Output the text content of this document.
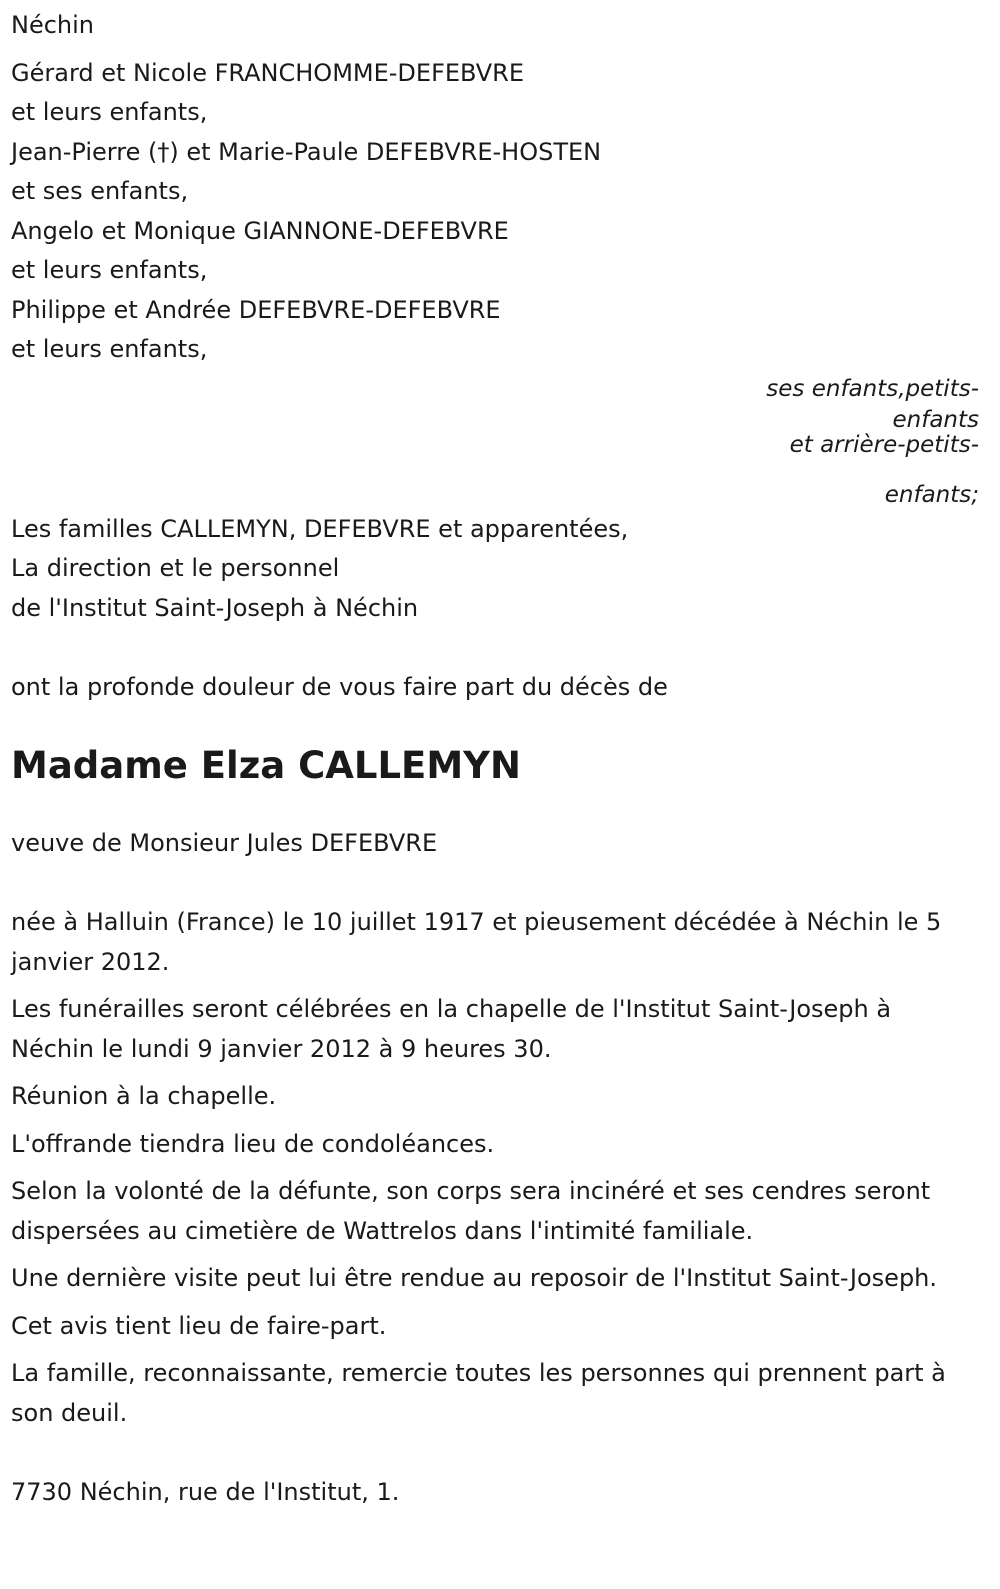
Néchin
Gérard et Nicole FRANCHOMME-DEFEBVRE
et leurs enfants,
Jean-Pierre (†) et Marie-Paule DEFEBVRE-HOSTEN
et ses enfants,
Angelo et Monique GIANNONE-DEFEBVRE
et leurs enfants,
Philippe et Andrée DEFEBVRE-DEFEBVRE
et leurs enfants,
ses enfants,petits-
enfants
et arrière-petits-
enfants;
Les familles CALLEMYN, DEFEBVRE et apparentées,
La direction et le personnel
de l'Institut Saint-Joseph à Néchin
ont la profonde douleur de vous faire part du décès de
Madame Elza CALLEMYN
veuve de Monsieur Jules DEFEBVRE
née à Halluin (France) le 10 juillet 1917 et pieusement décédée à Néchin le 5 janvier 2012.
Les funérailles seront célébrées en la chapelle de l'Institut Saint-Joseph à Néchin le lundi 9 janvier 2012 à 9 heures 30.
Réunion à la chapelle.
L'offrande tiendra lieu de condoléances.
Selon la volonté de la défunte, son corps sera incinéré et ses cendres seront dispersées au cimetière de Wattrelos dans l'intimité familiale.
Une dernière visite peut lui être rendue au reposoir de l'Institut Saint-Joseph.
Cet avis tient lieu de faire-part.
La famille, reconnaissante, remercie toutes les personnes qui prennent part à son deuil.
7730 Néchin, rue de l'Institut, 1.
